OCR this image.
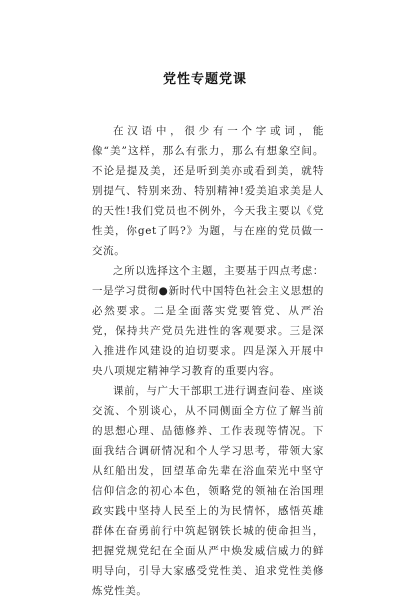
党性专题党课

在汉语中，很少有一个字或词，能像“美”这样，那么有张力，那么有想象空间。不论是提及美，还是听到美亦或看到美，就特别提气、特别来劲、特别精神!爱美追求美是人的天性!我们党员也不例外，今天我主要以《党性美，你get了吗?》为题，与在座的党员做一交流。

之所以选择这个主题，主要基于四点考虑：一是学习贯彻●新时代中国特色社会主义思想的必然要求。二是全面落实党要管党、从严治党，保持共产党员先进性的客观要求。三是深入推进作风建设的迫切要求。四是深入开展中央八项规定精神学习教育的重要内容。

课前，与广大干部职工进行调查问卷、座谈交流、个别谈心，从不同侧面全方位了解当前的思想心理、品德修养、工作表现等情况。下面我结合调研情况和个人学习思考，带领大家从红船出发，回望革命先辈在浴血荣光中坚守信仰信念的初心本色，领略党的领袖在治国理政实践中坚持人民至上的为民情怀，感悟英雄群体在奋勇前行中筑起钢铁长城的使命担当，把握党规党纪在全面从严中焕发威信威力的鲜明导向，引导大家感受党性美、追求党性美修炼党性美。
